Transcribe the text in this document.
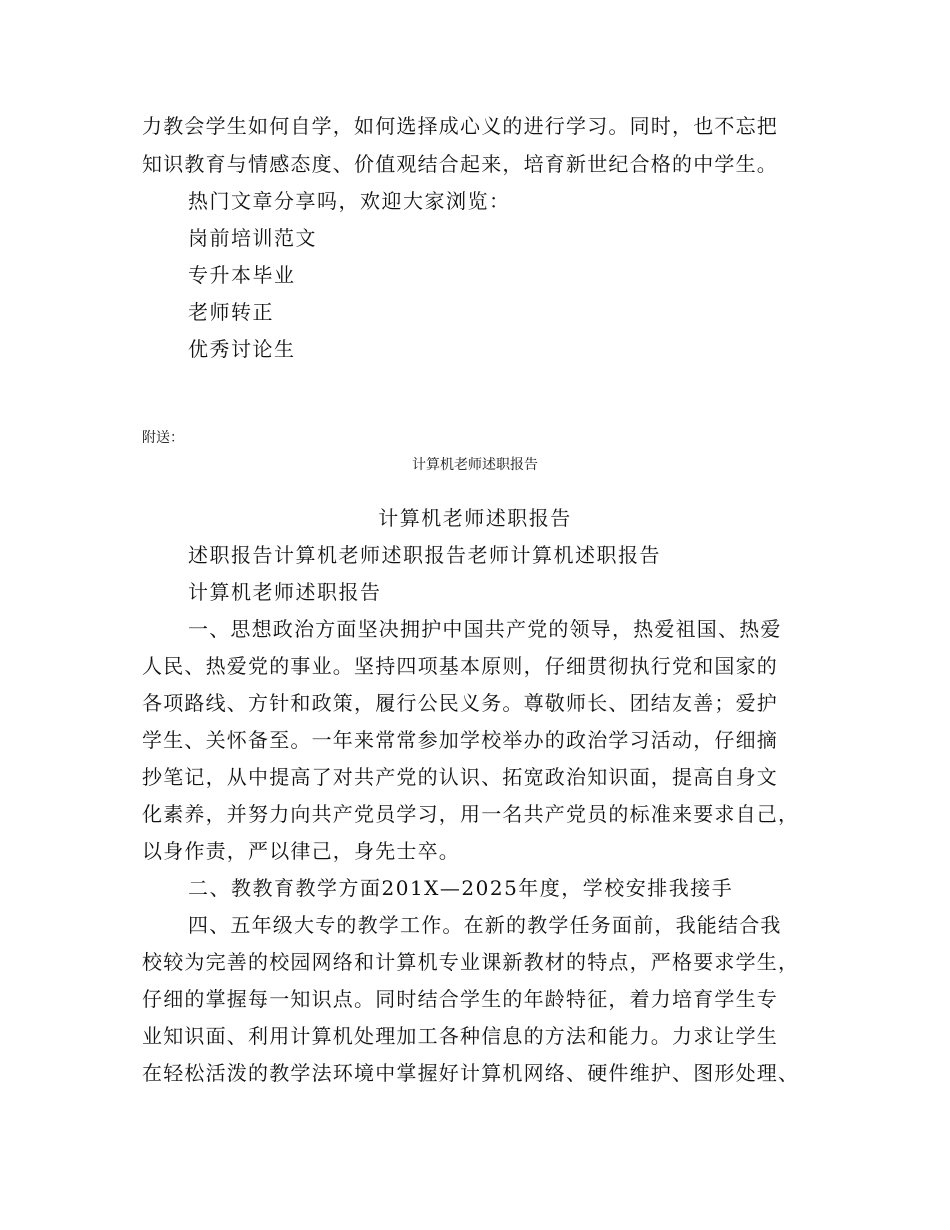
力教会学生如何自学，如何选择成心义的进行学习。同时，也不忘把
知识教育与情感态度、价值观结合起来，培育新世纪合格的中学生。
热门文章分享吗，欢迎大家浏览：
岗前培训范文
专升本毕业
老师转正
优秀讨论生
附送：
计算机老师述职报告
计算机老师述职报告
述职报告计算机老师述职报告老师计算机述职报告
计算机老师述职报告
一、思想政治方面坚决拥护中国共产党的领导，热爱祖国、热爱
人民、热爱党的事业。坚持四项基本原则，仔细贯彻执行党和国家的
各项路线、方针和政策，履行公民义务。尊敬师长、团结友善；爱护
学生、关怀备至。一年来常常参加学校举办的政治学习活动，仔细摘
抄笔记，从中提高了对共产党的认识、拓宽政治知识面，提高自身文
化素养，并努力向共产党员学习，用一名共产党员的标准来要求自己，
以身作责，严以律己，身先士卒。
二、教教育教学方面201X—2025年度，学校安排我接手
四、五年级大专的教学工作。在新的教学任务面前，我能结合我
校较为完善的校园网络和计算机专业课新教材的特点，严格要求学生，
仔细的掌握每一知识点。同时结合学生的年龄特征，着力培育学生专
业知识面、利用计算机处理加工各种信息的方法和能力。力求让学生
在轻松活泼的教学法环境中掌握好计算机网络、硬件维护、图形处理、
